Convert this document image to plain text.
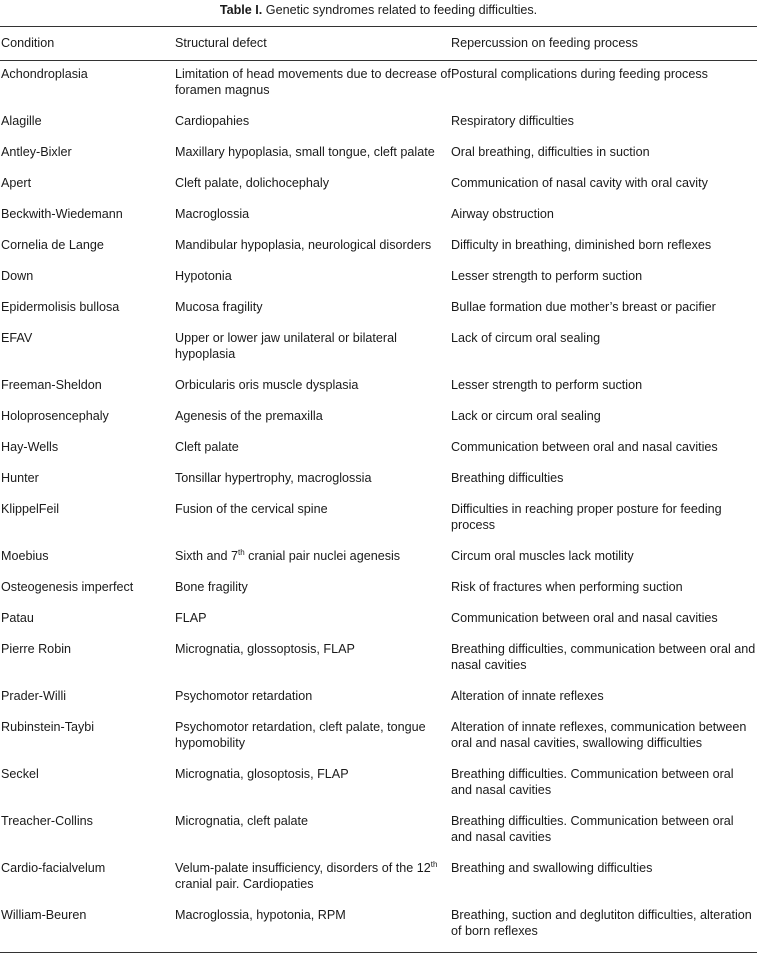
Table I. Genetic syndromes related to feeding difficulties.
Condition	Structural defect	Repercussion on feeding process
Achondroplasia	Limitation of head movements due to decrease of foramen magnus	Postural complications during feeding process
Alagille	Cardiopahies	Respiratory difficulties
Antley-Bixler	Maxillary hypoplasia, small tongue, cleft palate	Oral breathing, difficulties in suction
Apert	Cleft palate, dolichocephaly	Communication of nasal cavity with oral cavity
Beckwith-Wiedemann	Macroglossia	Airway obstruction
Cornelia de Lange	Mandibular hypoplasia, neurological disorders	Difficulty in breathing, diminished born reflexes
Down	Hypotonia	Lesser strength to perform suction
Epidermolisis bullosa	Mucosa fragility	Bullae formation due mother’s breast or pacifier
EFAV	Upper or lower jaw unilateral or bilateral hypoplasia	Lack of circum oral sealing
Freeman-Sheldon	Orbicularis oris muscle dysplasia	Lesser strength to perform suction
Holoprosencephaly	Agenesis of the premaxilla	Lack or circum oral sealing
Hay-Wells	Cleft palate	Communication between oral and nasal cavities
Hunter	Tonsillar hypertrophy, macroglossia	Breathing difficulties
KlippelFeil	Fusion of the cervical spine	Difficulties in reaching proper posture for feeding process
Moebius	Sixth and 7th cranial pair nuclei agenesis	Circum oral muscles lack motility
Osteogenesis imperfect	Bone fragility	Risk of fractures when performing suction
Patau	FLAP	Communication between oral and nasal cavities
Pierre Robin	Micrognatia, glossoptosis, FLAP	Breathing difficulties, communication between oral and nasal cavities
Prader-Willi	Psychomotor retardation	Alteration of innate reflexes
Rubinstein-Taybi	Psychomotor retardation, cleft palate, tongue hypomobility	Alteration of innate reflexes, communication between oral and nasal cavities, swallowing difficulties
Seckel	Micrognatia, glosoptosis, FLAP	Breathing difficulties. Communication between oral and nasal cavities
Treacher-Collins	Micrognatia, cleft palate	Breathing difficulties. Communication between oral and nasal cavities
Cardio-facialvelum	Velum-palate insufficiency, disorders of the 12th cranial pair. Cardiopaties	Breathing and swallowing difficulties
William-Beuren	Macroglossia, hypotonia, RPM	Breathing, suction and deglutiton difficulties, alteration of born reflexes
